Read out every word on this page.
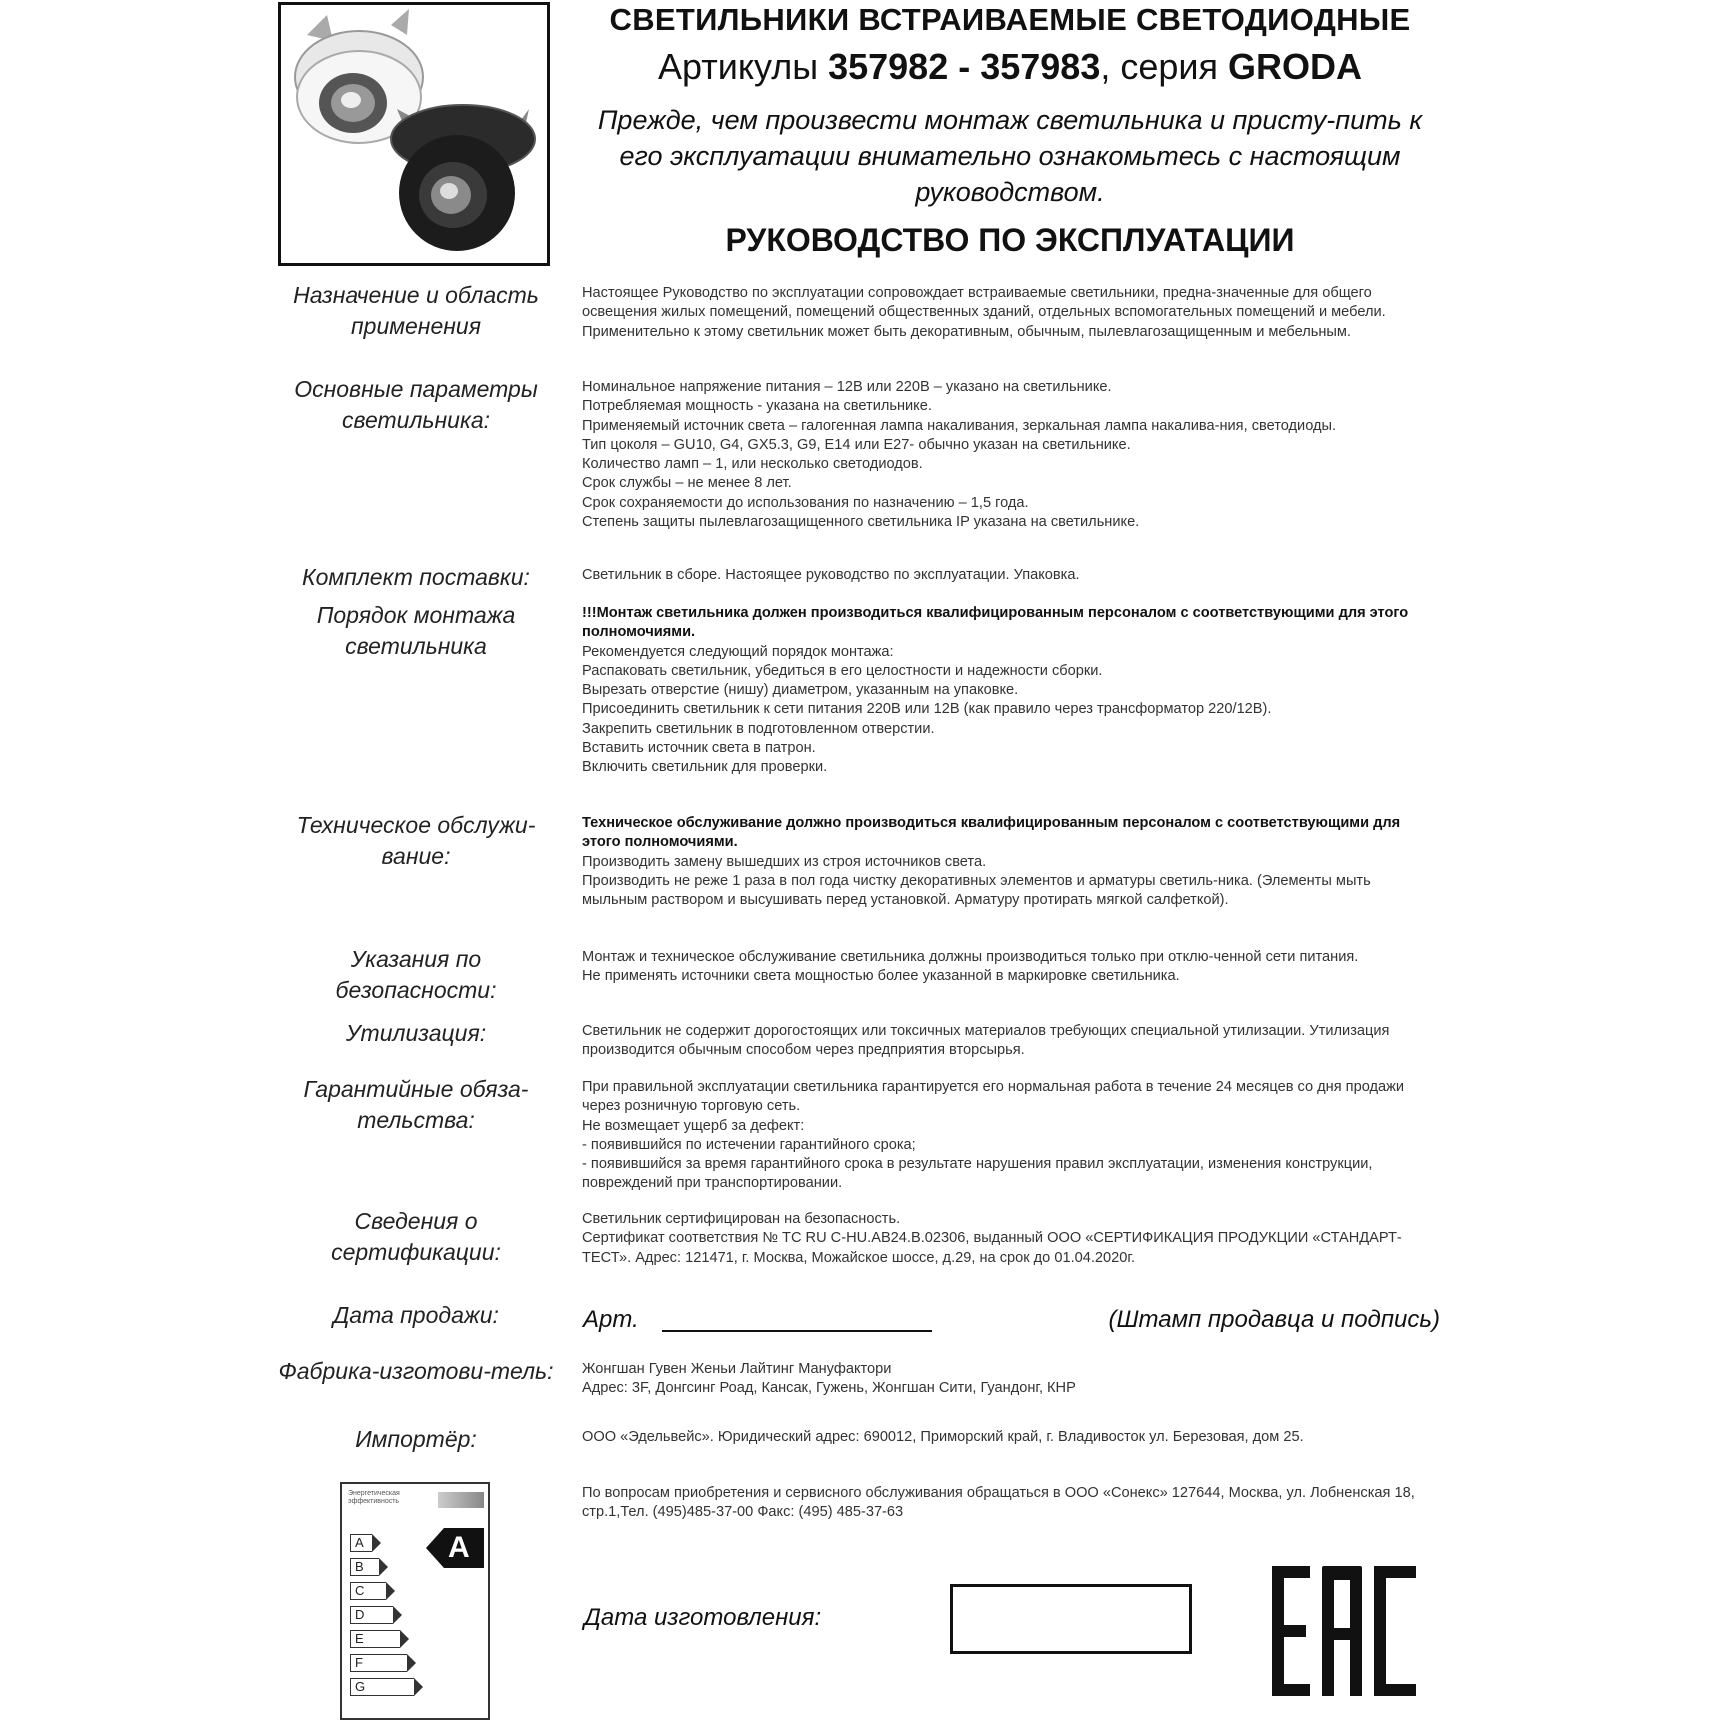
СВЕТИЛЬНИКИ ВСТРАИВАЕМЫЕ СВЕТОДИОДНЫЕ
Артикулы 357982 - 357983, серия GRODA
Прежде, чем произвести монтаж светильника и присту-пить к его эксплуатации внимательно ознакомьтесь с настоящим руководством.
РУКОВОДСТВО ПО ЭКСПЛУАТАЦИИ
Назначение и область применения
Настоящее Руководство по эксплуатации сопровождает встраиваемые светильники, предна-значенные для общего освещения жилых помещений, помещений общественных зданий, отдельных вспомогательных помещений и мебели. Применительно к этому светильник может быть декоративным, обычным, пылевлагозащищенным и мебельным.
Основные параметры светильника:
Номинальное напряжение питания – 12В или 220В – указано на светильнике.
Потребляемая мощность - указана на светильнике.
Применяемый источник света – галогенная лампа накаливания, зеркальная лампа накалива-ния, светодиоды.
Тип цоколя – GU10, G4, GX5.3, G9, E14 или E27- обычно указан на светильнике.
Количество ламп – 1, или несколько светодиодов.
Срок службы – не менее 8 лет.
Срок сохраняемости до использования по назначению – 1,5 года.
Степень защиты пылевлагозащищенного светильника IP указана на светильнике.
Комплект поставки:	Светильник в сборе. Настоящее руководство по эксплуатации. Упаковка.
Порядок монтажа светильника
!!!Монтаж светильника должен производиться квалифицированным персоналом с соответствующими для этого полномочиями.
Рекомендуется следующий порядок монтажа:
Распаковать светильник, убедиться в его целостности и надежности сборки.
Вырезать отверстие (нишу) диаметром, указанным на упаковке.
Присоединить светильник к сети питания 220В или 12В (как правило через трансформатор 220/12В).
Закрепить светильник в подготовленном отверстии.
Вставить источник света в патрон.
Включить светильник для проверки.
Техническое обслужи-вание:
Техническое обслуживание должно производиться квалифицированным персоналом с соответствующими для этого полномочиями.
Производить замену вышедших из строя источников света.
Производить не реже 1 раза в пол года чистку декоративных элементов и арматуры светиль-ника. (Элементы мыть мыльным раствором и высушивать перед установкой. Арматуру протирать мягкой салфеткой).
Указания по безопасности:
Монтаж и техническое обслуживание светильника должны производиться только при отклю-ченной сети питания.
Не применять источники света мощностью более указанной в маркировке светильника.
Утилизация:	Светильник не содержит дорогостоящих или токсичных материалов требующих специальной утилизации. Утилизация производится обычным способом через предприятия вторсырья.
Гарантийные обяза-тельства:
При правильной эксплуатации светильника гарантируется его нормальная работа в течение 24 месяцев со дня продажи через розничную торговую сеть.
Не возмещает ущерб за дефект:
- появившийся по истечении гарантийного срока;
- появившийся за время гарантийного срока в результате нарушения правил эксплуатации, изменения конструкции, повреждений при транспортировании.
Сведения о сертификации:
Светильник сертифицирован на безопасность.
Сертификат соответствия № ТС RU C-HU.AB24.B.02306, выданный ООО «СЕРТИФИКАЦИЯ ПРОДУКЦИИ «СТАНДАРТ-ТЕСТ». Адрес: 121471, г. Москва, Можайское шоссе, д.29, на срок до 01.04.2020г.
Дата продажи:	Арт.	(Штамп продавца и подпись)
Фабрика-изготови-тель: Жонгшан Гувен Женьи Лайтинг Мануфактори
Адрес: 3F, Донгсинг Роад, Кансак, Гужень, Жонгшан Сити, Гуандонг, КНР
Импортёр:	ООО «Эдельвейс». Юридический адрес: 690012, Приморский край, г. Владивосток ул. Березовая, дом 25.
По вопросам приобретения и сервисного обслуживания обращаться в ООО «Сонекс» 127644, Москва, ул. Лобненская 18, стр.1,Тел. (495)485-37-00 Факс: (495) 485-37-63
Энергетическая эффективность
A
B
C
D
E
F
G
A
Дата изготовления:
